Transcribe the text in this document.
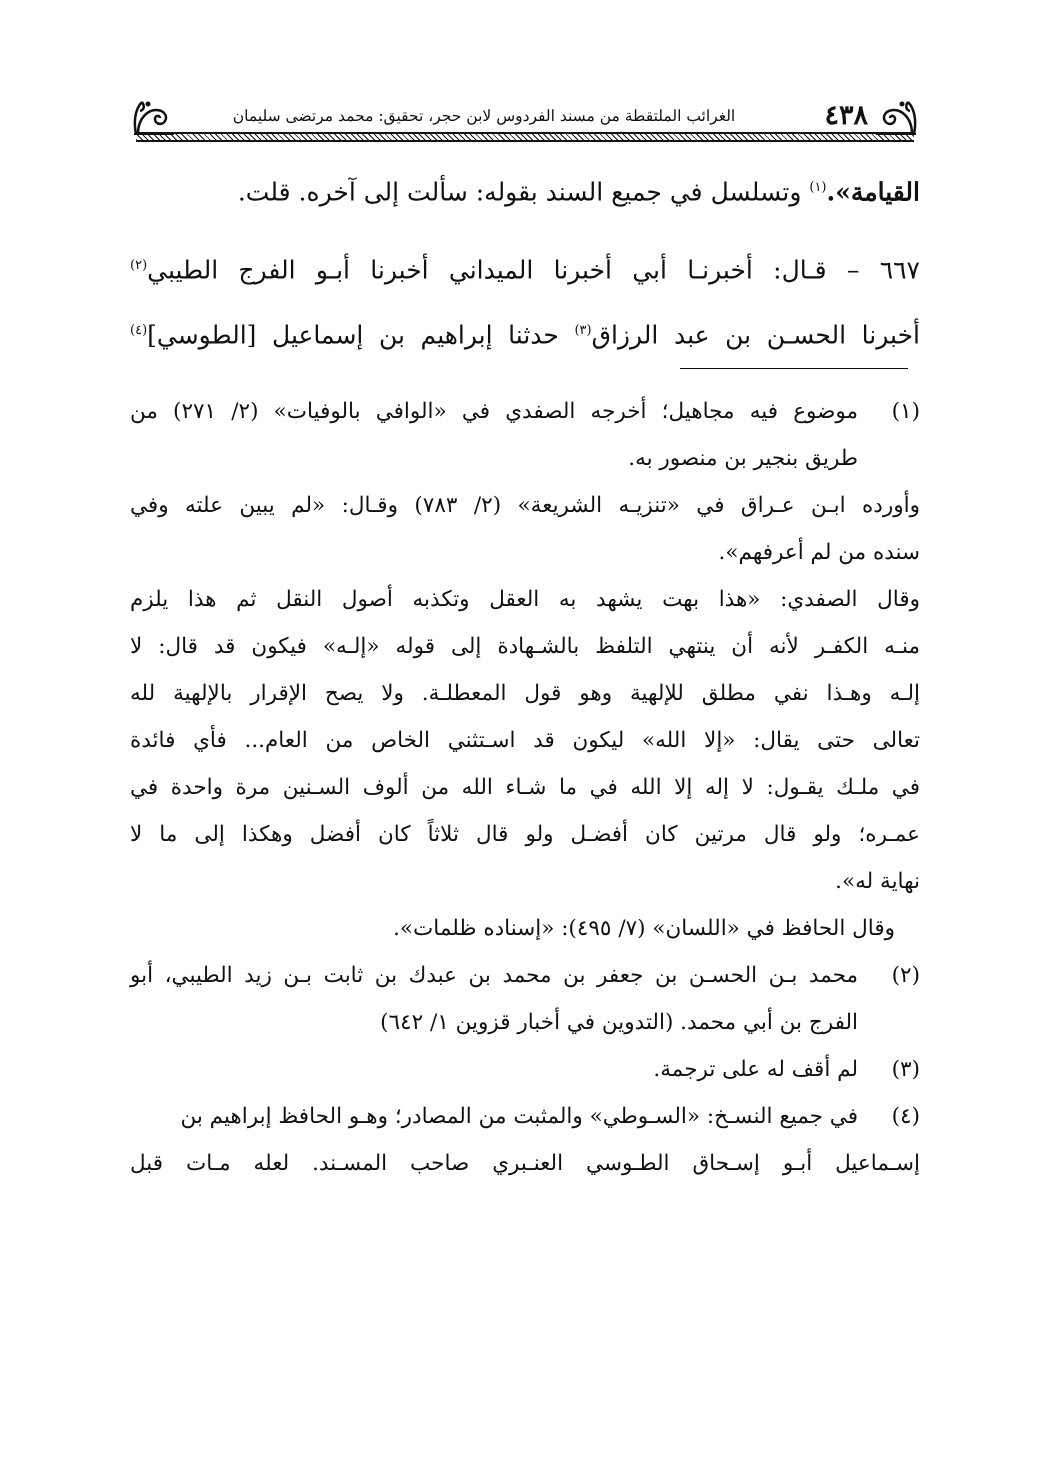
٤٣٨
الغرائب الملتقطة من مسند الفردوس لابن حجر، تحقيق: محمد مرتضى سليمان

القيامة».$^{(١)}$ وتسلسل في جميع السند بقوله: سألت إلى آخره. قلت.

٦٦٧ – قـال: أخبرنـا أبي أخبرنا الميداني أخبرنا أبـو الفرج الطيبي$^{(٢)}$

أخبرنا الحسـن بن عبد الرزاق$^{(٣)}$ حدثنا إبراهيم بن إسماعيل [الطوسي]$^{(٤)}$

(١)
موضوع فيه مجاهيل؛ أخرجه الصفدي في «الوافي بالوفيات» (٢/ ٢٧١) من
طريق بنجير بن منصور به.
وأورده ابـن عـراق في «تنزيـه الشريعة» (٢/ ٧٨٣) وقـال: «لم يبين علته وفي
سنده من لم أعرفهم».
وقال الصفدي: «هذا بهت يشهد به العقل وتكذبه أصول النقل ثم هذا يلزم
منـه الكفـر لأنه أن ينتهي التلفظ بالشـهادة إلى قوله «إلـه» فيكون قد قال: لا
إلـه وهـذا نفي مطلق للإلهية وهو قول المعطلـة. ولا يصح الإقرار بالإلهية لله
تعالى حتى يقال: «إلا الله» ليكون قد اسـتثني الخاص من العام... فأي فائدة
في ملـك يقـول: لا إله إلا الله في ما شـاء الله من ألوف السـنين مرة واحدة في
عمـره؛ ولو قال مرتين كان أفضـل ولو قال ثلاثاً كان أفضل وهكذا إلى ما لا
نهاية له».
وقال الحافظ في «اللسان» (٧/ ٤٩٥): «إسناده ظلمات».
(٢)
محمد بـن الحسـن بن جعفر بن محمد بن عبدك بن ثابت بـن زيد الطيبي، أبو
الفرج بن أبي محمد. (التدوين في أخبار قزوين ١/ ٦٤٢)
(٣)
لم أقف له على ترجمة.
(٤)
في جميع النسـخ: «السـوطي» والمثبت من المصادر؛ وهـو الحافظ إبراهيم بن
إسـماعيل أبـو إسـحاق الطـوسي العنـبري صاحب المسـند. لعله مـات قبل
